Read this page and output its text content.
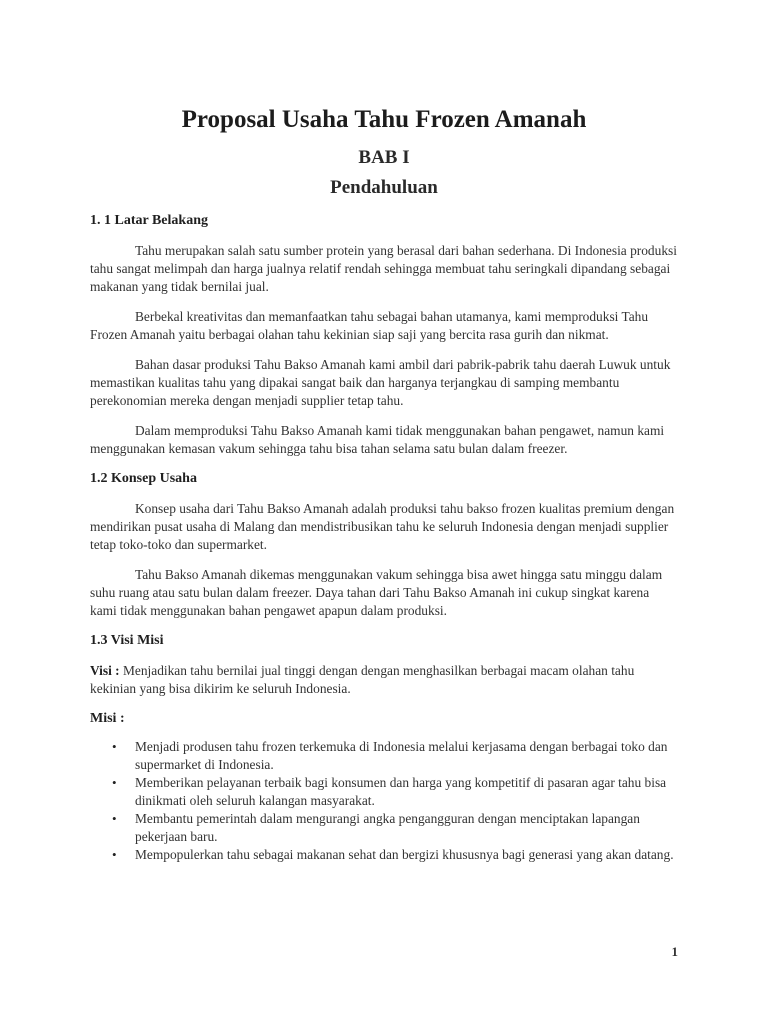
Proposal Usaha Tahu Frozen Amanah
BAB I
Pendahuluan
1. 1 Latar Belakang

Tahu merupakan salah satu sumber protein yang berasal dari bahan sederhana. Di Indonesia produksi tahu sangat melimpah dan harga jualnya relatif rendah sehingga membuat tahu seringkali dipandang sebagai makanan yang tidak bernilai jual.

Berbekal kreativitas dan memanfaatkan tahu sebagai bahan utamanya, kami memproduksi Tahu Frozen Amanah yaitu berbagai olahan tahu kekinian siap saji yang bercita rasa gurih dan nikmat.

Bahan dasar produksi Tahu Bakso Amanah kami ambil dari pabrik-pabrik tahu daerah Luwuk untuk memastikan kualitas tahu yang dipakai sangat baik dan harganya terjangkau di samping membantu perekonomian mereka dengan menjadi supplier tetap tahu.

Dalam memproduksi Tahu Bakso Amanah kami tidak menggunakan bahan pengawet, namun kami menggunakan kemasan vakum sehingga tahu bisa tahan selama satu bulan dalam freezer.

1.2 Konsep Usaha

Konsep usaha dari Tahu Bakso Amanah adalah produksi tahu bakso frozen kualitas premium dengan mendirikan pusat usaha di Malang dan mendistribusikan tahu ke seluruh Indonesia dengan menjadi supplier tetap toko-toko dan supermarket.

Tahu Bakso Amanah dikemas menggunakan vakum sehingga bisa awet hingga satu minggu dalam suhu ruang atau satu bulan dalam freezer. Daya tahan dari Tahu Bakso Amanah ini cukup singkat karena kami tidak menggunakan bahan pengawet apapun dalam produksi.

1.3 Visi Misi

Visi : Menjadikan tahu bernilai jual tinggi dengan dengan menghasilkan berbagai macam olahan tahu kekinian yang bisa dikirim ke seluruh Indonesia.

Misi :
• Menjadi produsen tahu frozen terkemuka di Indonesia melalui kerjasama dengan berbagai toko dan supermarket di Indonesia.
• Memberikan pelayanan terbaik bagi konsumen dan harga yang kompetitif di pasaran agar tahu bisa dinikmati oleh seluruh kalangan masyarakat.
• Membantu pemerintah dalam mengurangi angka pengangguran dengan menciptakan lapangan pekerjaan baru.
• Mempopulerkan tahu sebagai makanan sehat dan bergizi khususnya bagi generasi yang akan datang.
1
